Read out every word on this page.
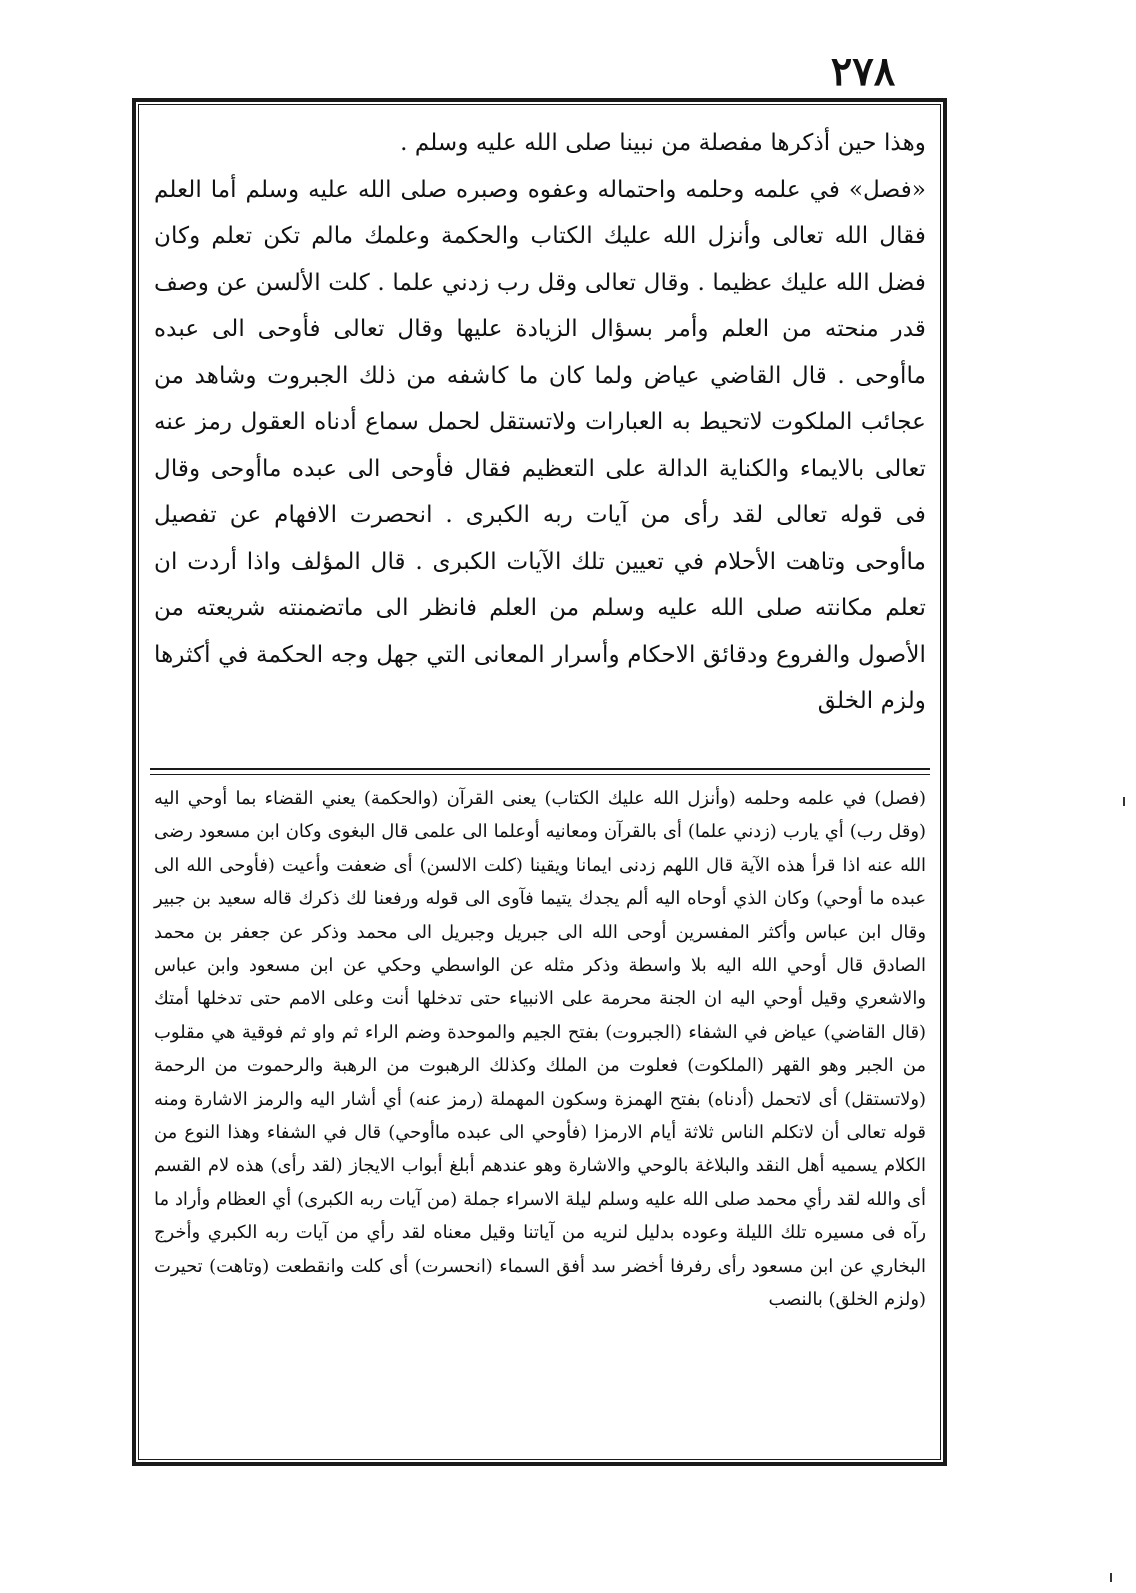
٢٧٨

وهذا حين أذكرها مفصلة من نبينا صلى الله عليه وسلم .

«فصل» في علمه وحلمه واحتماله وعفوه وصبره صلى الله عليه وسلم أما العلم فقال الله تعالى وأنزل الله عليك الكتاب والحكمة وعلمك مالم تكن تعلم وكان فضل الله عليك عظيما . وقال تعالى وقل رب زدني علما . كلت الألسن عن وصف قدر منحته من العلم وأمر بسؤال الزيادة عليها وقال تعالى فأوحى الى عبده ماأوحى . قال القاضي عياض ولما كان ما كاشفه من ذلك الجبروت وشاهد من عجائب الملكوت لاتحيط به العبارات ولاتستقل لحمل سماع أدناه العقول رمز عنه تعالى بالايماء والكناية الدالة على التعظيم فقال فأوحى الى عبده ماأوحى وقال فى قوله تعالى لقد رأى من آيات ربه الكبرى . انحصرت الافهام عن تفصيل ماأوحى وتاهت الأحلام في تعيين تلك الآيات الكبرى . قال المؤلف واذا أردت ان تعلم مكانته صلى الله عليه وسلم من العلم فانظر الى ماتضمنته شريعته من الأصول والفروع ودقائق الاحكام وأسرار المعانى التي جهل وجه الحكمة في أكثرها ولزم الخلق

(فصل) في علمه وحلمه (وأنزل الله عليك الكتاب) يعنى القرآن (والحكمة) يعني القضاء بما أوحي اليه (وقل رب) أي يارب (زدني علما) أى بالقرآن ومعانيه أوعلما الى علمى قال البغوى وكان ابن مسعود رضى الله عنه اذا قرأ هذه الآية قال اللهم زدنى ايمانا ويقينا (كلت الالسن) أى ضعفت وأعيت (فأوحى الله الى عبده ما أوحي) وكان الذي أوحاه اليه ألم يجدك يتيما فآوى الى قوله ورفعنا لك ذكرك قاله سعيد بن جبير وقال ابن عباس وأكثر المفسرين أوحى الله الى جبريل وجبريل الى محمد وذكر عن جعفر بن محمد الصادق قال أوحي الله اليه بلا واسطة وذكر مثله عن الواسطي وحكي عن ابن مسعود وابن عباس والاشعري وقيل أوحي اليه ان الجنة محرمة على الانبياء حتى تدخلها أنت وعلى الامم حتى تدخلها أمتك (قال القاضي) عياض في الشفاء (الجبروت) بفتح الجيم والموحدة وضم الراء ثم واو ثم فوقية هي مقلوب من الجبر وهو القهر (الملكوت) فعلوت من الملك وكذلك الرهبوت من الرهبة والرحموت من الرحمة (ولاتستقل) أى لاتحمل (أدناه) بفتح الهمزة وسكون المهملة (رمز عنه) أي أشار اليه والرمز الاشارة ومنه قوله تعالى أن لاتكلم الناس ثلاثة أيام الارمزا (فأوحي الى عبده ماأوحي) قال في الشفاء وهذا النوع من الكلام يسميه أهل النقد والبلاغة بالوحي والاشارة وهو عندهم أبلغ أبواب الايجاز (لقد رأى) هذه لام القسم أى والله لقد رأي محمد صلى الله عليه وسلم ليلة الاسراء جملة (من آيات ربه الكبرى) أي العظام وأراد ما رآه فى مسيره تلك الليلة وعوده بدليل لنريه من آياتنا وقيل معناه لقد رأي من آيات ربه الكبري وأخرج البخاري عن ابن مسعود رأى رفرفا أخضر سد أفق السماء (انحسرت) أى كلت وانقطعت (وتاهت) تحيرت (ولزم الخلق) بالنصب
